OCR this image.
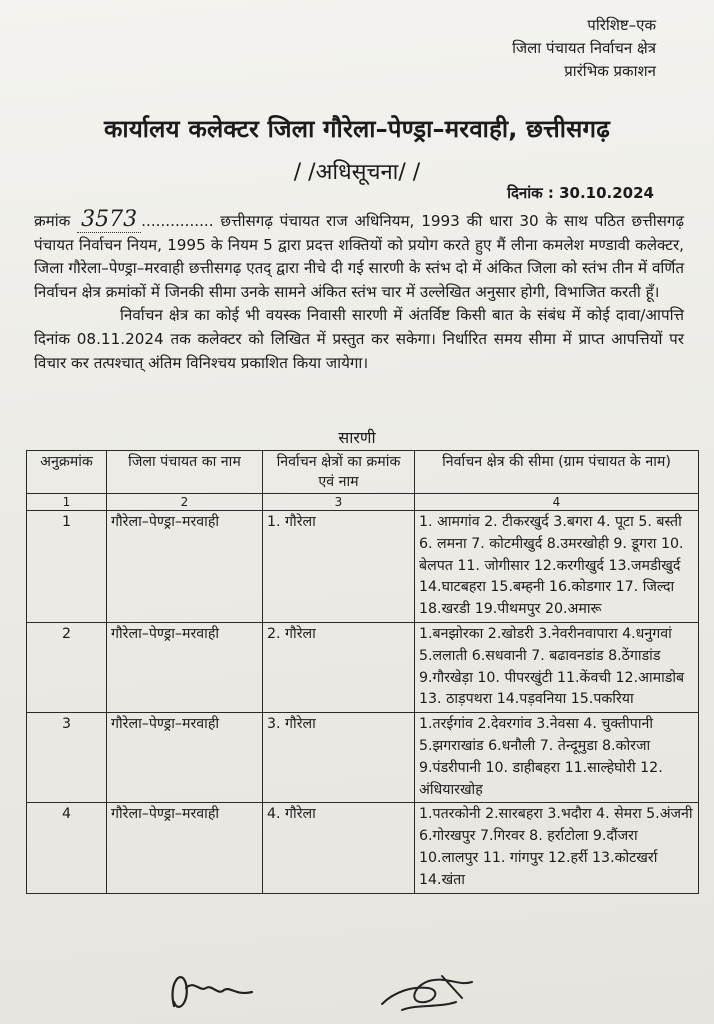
परिशिष्ट–एक
जिला पंचायत निर्वाचन क्षेत्र
प्रारंभिक प्रकाशन
कार्यालय कलेक्टर जिला गौरेला–पेण्ड्रा–मरवाही, छत्तीसगढ़
/ /अधिसूचना/ /
दिनांक : 30.10.2024

क्रमांक 3573 ............... छत्तीसगढ़ पंचायत राज अधिनियम, 1993 की धारा 30 के साथ पठित छत्तीसगढ़ पंचायत निर्वाचन नियम, 1995 के नियम 5 द्वारा प्रदत्त शक्तियों को प्रयोग करते हुए मैं लीना कमलेश मण्डावी कलेक्टर, जिला गौरेला–पेण्ड्रा–मरवाही छत्तीसगढ़ एतद् द्वारा नीचे दी गई सारणी के स्तंभ दो में अंकित जिला को स्तंभ तीन में वर्णित निर्वाचन क्षेत्र क्रमांकों में जिनकी सीमा उनके सामने अंकित स्तंभ चार में उल्लेखित अनुसार होगी, विभाजित करती हूँ।

निर्वाचन क्षेत्र का कोई भी वयस्क निवासी सारणी में अंतर्विष्ट किसी बात के संबंध में कोई दावा/आपत्ति दिनांक 08.11.2024 तक कलेक्टर को लिखित में प्रस्तुत कर सकेगा। निर्धारित समय सीमा में प्राप्त आपत्तियों पर विचार कर तत्पश्चात् अंतिम विनिश्चय प्रकाशित किया जायेगा।

सारणी
अनुक्रमांक	जिला पंचायत का नाम	निर्वाचन क्षेत्रों का क्रमांक एवं नाम	निर्वाचन क्षेत्र की सीमा (ग्राम पंचायत के नाम)
1	2	3	4
1	गौरेला–पेण्ड्रा–मरवाही	1. गौरेला	1. आमगांव 2. टीकरखुर्द 3.बगरा 4. पूटा 5. बस्ती 6. लमना 7. कोटमीखुर्द 8.उमरखोही 9. डूगरा 10. बेलपत 11. जोगीसार 12.करगीखुर्द 13.जमडीखुर्द 14.घाटबहरा 15.बम्हनी 16.कोडगार 17. जिल्दा 18.खरडी 19.पीथमपुर 20.अमारू
2	गौरेला–पेण्ड्रा–मरवाही	2. गौरेला	1.बनझोरका 2.खोडरी 3.नेवरीनवापारा 4.धनुगवां 5.ललाती 6.सधवानी 7. बढावनडांड 8.ठेंगाडांड 9.गौरखेड़ा 10. पीपरखुंटी 11.केंवची 12.आमाडोब 13. ठाड़पथरा 14.पड़वनिया 15.पकरिया
3	गौरेला–पेण्ड्रा–मरवाही	3. गौरेला	1.तरईगांव 2.देवरगांव 3.नेवसा 4. चुक्तीपानी 5.झगराखांड 6.धनौली 7. तेन्दूमुडा 8.कोरजा 9.पंडरीपानी 10. डाहीबहरा 11.साल्हेघोरी 12. अंधियारखोह
4	गौरेला–पेण्ड्रा–मरवाही	4. गौरेला	1.पतरकोनी 2.सारबहरा 3.भदौरा 4. सेमरा 5.अंजनी 6.गोरखपुर 7.गिरवर 8. हर्राटोला 9.दौंजरा 10.लालपुर 11. गांगपुर 12.हर्री 13.कोटखर्रा 14.खंता
